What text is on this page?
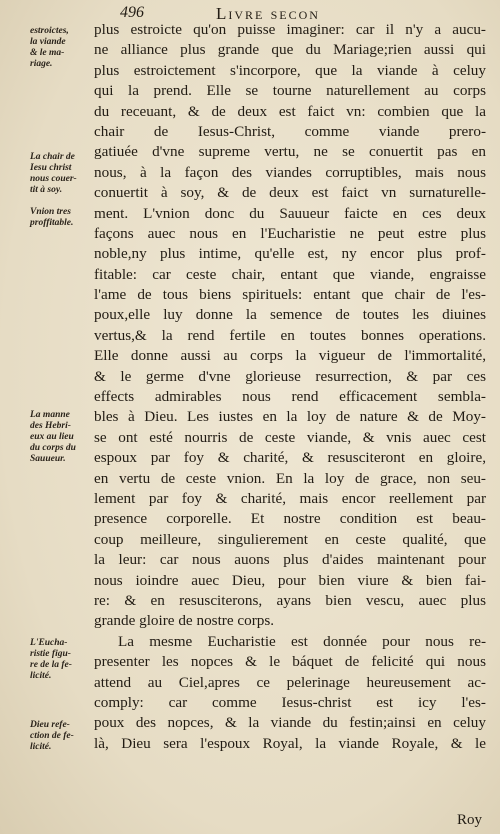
496	Livre secon
estroictes,
la viande
& le ma-
riage.
La chair de
Iesu christ
nous couer-
tit à soy.
Vnion tres
proffitable.
La manne
des Hebri-
eux au lieu
du corps du
Sauueur.
L'Eucha-
ristie figu-
re de la fe-
licité.
Dieu refe-
ction de fe-
licité.
plus estroicte qu'on puisse imaginer: car il n'y a aucu-
ne alliance plus grande que du Mariage;rien aussi qui
plus estroictement s'incorpore, que la viande à celuy
qui la prend. Elle se tourne naturellement au corps
du receuant, & de deux est faict vn: combien que la
chair de Iesus-Christ, comme viande prero-
gatiuée d'vne supreme vertu, ne se conuertit pas en
nous, à la façon des viandes corruptibles, mais nous
conuertit à soy, & de deux est faict vn surnaturelle-
ment. L'vnion donc du Sauueur faicte en ces deux
façons auec nous en l'Eucharistie ne peut estre plus
noble,ny plus intime, qu'elle est, ny encor plus prof-
fitable: car ceste chair, entant que viande, engraisse
l'ame de tous biens spirituels: entant que chair de l'es-
poux,elle luy donne la semence de toutes les diuines
vertus,& la rend fertile en toutes bonnes operations.
Elle donne aussi au corps la vigueur de l'immortalité,
& le germe d'vne glorieuse resurrection, & par ces
effects admirables nous rend efficacement sembla-
bles à Dieu. Les iustes en la loy de nature & de Moy-
se ont esté nourris de ceste viande, & vnis auec cest
espoux par foy & charité, & resusciteront en gloire,
en vertu de ceste vnion. En la loy de grace, non seu-
lement par foy & charité, mais encor reellement par
presence corporelle. Et nostre condition est beau-
coup meilleure, singulierement en ceste qualité, que
la leur: car nous auons plus d'aides maintenant pour
nous ioindre auec Dieu, pour bien viure & bien fai-
re: & en resusciterons, ayans bien vescu, auec plus
grande gloire de nostre corps.
La mesme Eucharistie est donnée pour nous re-
presenter les nopces & le báquet de felicité qui nous
attend au Ciel,apres ce pelerinage heureusement ac-
comply: car comme Iesus-christ est icy l'es-
poux des nopces, & la viande du festin;ainsi en celuy
là, Dieu sera l'espoux Royal, la viande Royale, & le
Roy
